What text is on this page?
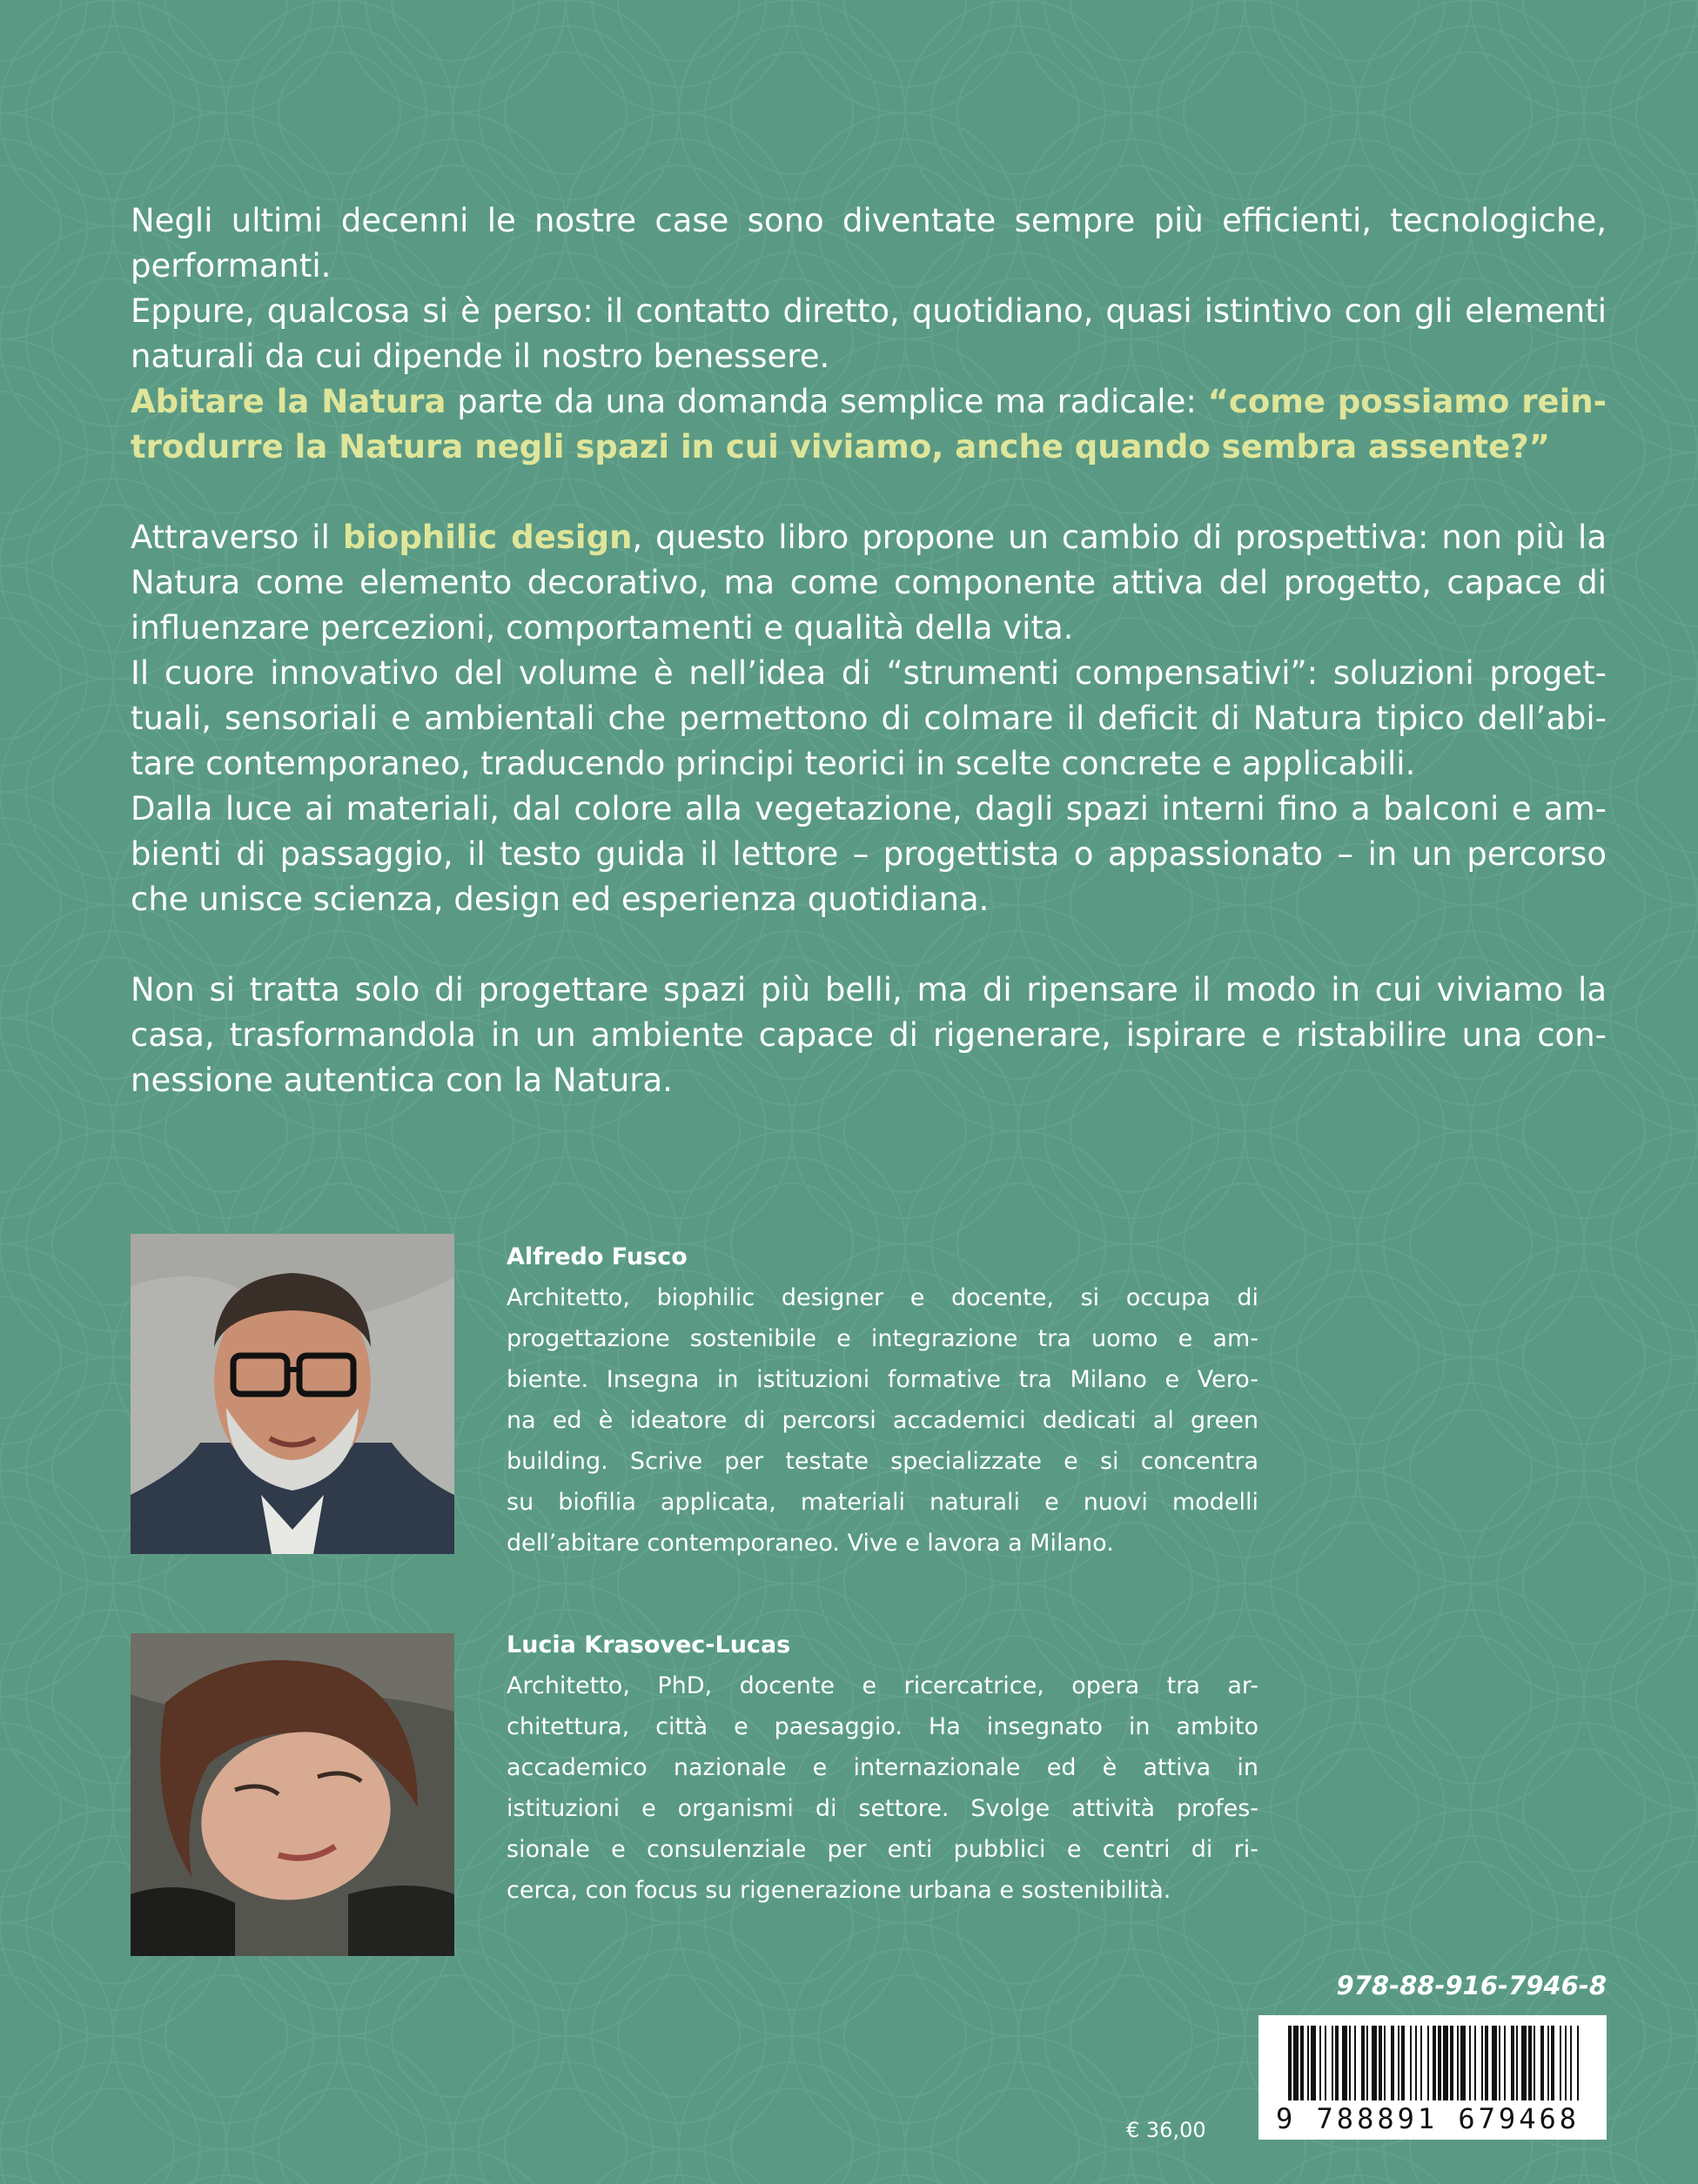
Negli ultimi decenni le nostre case sono diventate sempre più efficienti, tecnologiche,
performanti.
Eppure, qualcosa si è perso: il contatto diretto, quotidiano, quasi istintivo con gli elementi
naturali da cui dipende il nostro benessere.
Abitare la Natura parte da una domanda semplice ma radicale: “come possiamo rein-
trodurre la Natura negli spazi in cui viviamo, anche quando sembra assente?”
Attraverso il biophilic design, questo libro propone un cambio di prospettiva: non più la
Natura come elemento decorativo, ma come componente attiva del progetto, capace di
influenzare percezioni, comportamenti e qualità della vita.
Il cuore innovativo del volume è nell’idea di “strumenti compensativi”: soluzioni proget-
tuali, sensoriali e ambientali che permettono di colmare il deficit di Natura tipico dell’abi-
tare contemporaneo, traducendo principi teorici in scelte concrete e applicabili.
Dalla luce ai materiali, dal colore alla vegetazione, dagli spazi interni fino a balconi e am-
bienti di passaggio, il testo guida il lettore – progettista o appassionato – in un percorso
che unisce scienza, design ed esperienza quotidiana.
Non si tratta solo di progettare spazi più belli, ma di ripensare il modo in cui viviamo la
casa, trasformandola in un ambiente capace di rigenerare, ispirare e ristabilire una con-
nessione autentica con la Natura.
Alfredo Fusco
Architetto, biophilic designer e docente, si occupa di
progettazione sostenibile e integrazione tra uomo e am-
biente. Insegna in istituzioni formative tra Milano e Vero-
na ed è ideatore di percorsi accademici dedicati al green
building. Scrive per testate specializzate e si concentra
su biofilia applicata, materiali naturali e nuovi modelli
dell’abitare contemporaneo. Vive e lavora a Milano.
Lucia Krasovec-Lucas
Architetto, PhD, docente e ricercatrice, opera tra ar-
chitettura, città e paesaggio. Ha insegnato in ambito
accademico nazionale e internazionale ed è attiva in
istituzioni e organismi di settore. Svolge attività profes-
sionale e consulenziale per enti pubblici e centri di ri-
cerca, con focus su rigenerazione urbana e sostenibilità.
978-88-916-7946-8
9 788891 679468
€ 36,00
